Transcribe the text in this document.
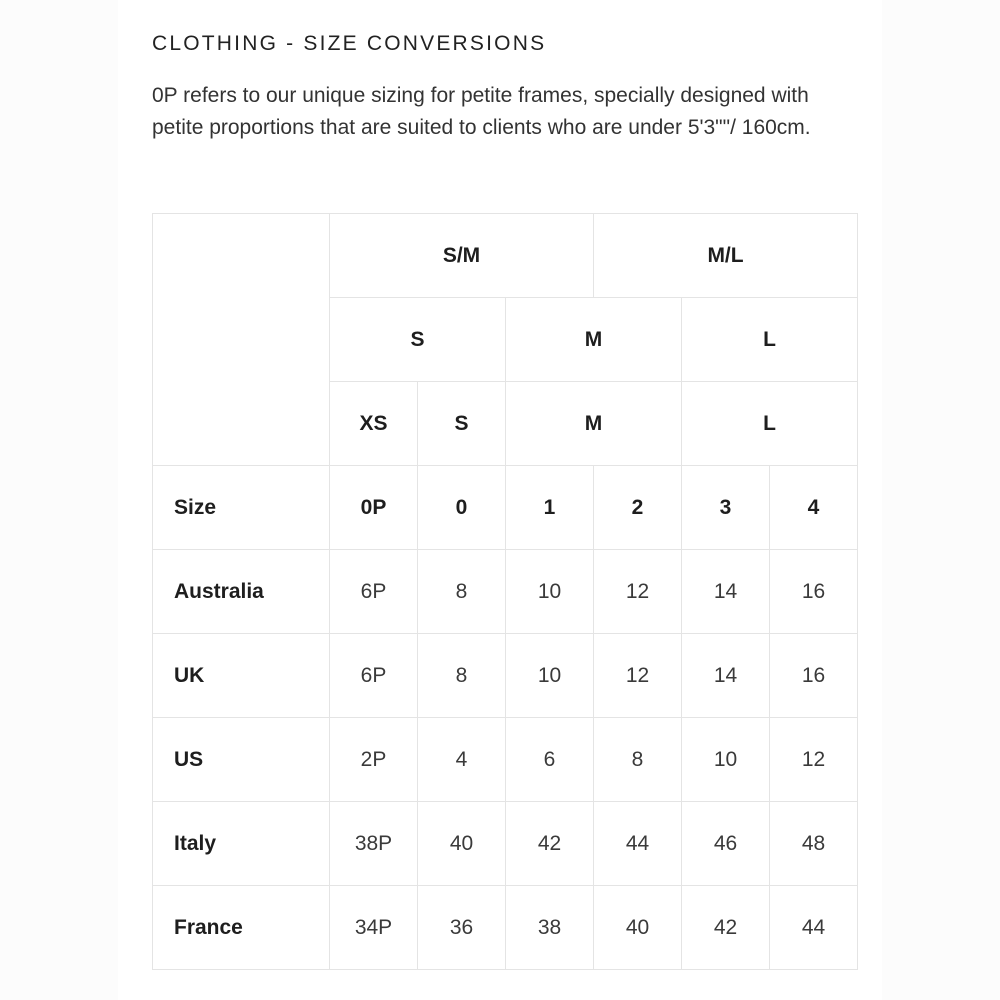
CLOTHING - SIZE CONVERSIONS

0P refers to our unique sizing for petite frames, specially designed with petite proportions that are suited to clients who are under 5'3""/ 160cm.

	S/M			M/L		
	S		M		L	
	XS	S	M		L	
Size	0P	0	1	2	3	4
Australia	6P	8	10	12	14	16
UK	6P	8	10	12	14	16
US	2P	4	6	8	10	12
Italy	38P	40	42	44	46	48
France	34P	36	38	40	42	44
